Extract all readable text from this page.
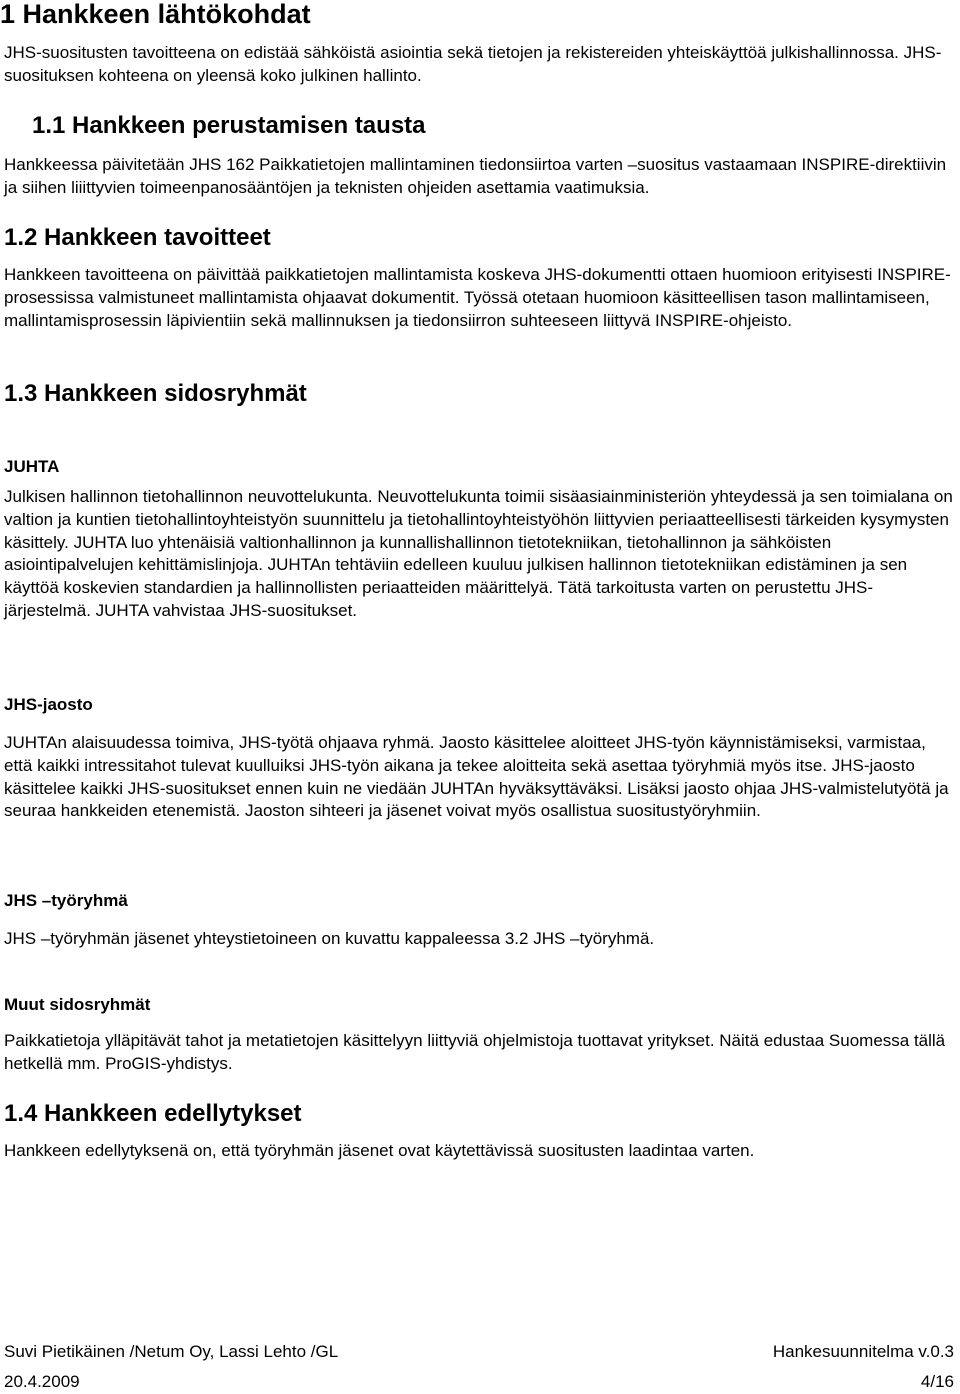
1 Hankkeen lähtökohdat

JHS-suositusten tavoitteena on edistää sähköistä asiointia sekä tietojen ja rekistereiden yhteiskäyttöä julkishallinnossa. JHS-suosituksen kohteena on yleensä koko julkinen hallinto.

1.1 Hankkeen perustamisen tausta

Hankkeessa päivitetään JHS 162 Paikkatietojen mallintaminen tiedonsiirtoa varten –suositus vastaamaan INSPIRE-direktiivin ja siihen liiittyvien toimeenpanosääntöjen ja teknisten ohjeiden asettamia vaatimuksia.

1.2 Hankkeen tavoitteet

Hankkeen tavoitteena on päivittää paikkatietojen mallintamista koskeva JHS-dokumentti ottaen huomioon erityisesti INSPIRE-prosessissa valmistuneet mallintamista ohjaavat dokumentit. Työssä otetaan huomioon käsitteellisen tason mallintamiseen, mallintamisprosessin läpivientiin sekä mallinnuksen ja tiedonsiirron suhteeseen liittyvä INSPIRE-ohjeisto.

1.3 Hankkeen sidosryhmät
JUHTA

Julkisen hallinnon tietohallinnon neuvottelukunta. Neuvottelukunta toimii sisäasiainministeriön yhteydessä ja sen toimialana on valtion ja kuntien tietohallintoyhteistyön suunnittelu ja tietohallintoyhteistyöhön liittyvien periaatteellisesti tärkeiden kysymysten käsittely. JUHTA luo yhtenäisiä valtionhallinnon ja kunnallishallinnon tietotekniikan, tietohallinnon ja sähköisten asiointipalvelujen kehittämislinjoja. JUHTAn tehtäviin edelleen kuuluu julkisen hallinnon tietotekniikan edistäminen ja sen käyttöä koskevien standardien ja hallinnollisten periaatteiden määrittelyä. Tätä tarkoitusta varten on perustettu JHS-järjestelmä. JUHTA vahvistaa JHS-suositukset.

JHS-jaosto

JUHTAn alaisuudessa toimiva, JHS-työtä ohjaava ryhmä. Jaosto käsittelee aloitteet JHS-työn käynnistämiseksi, varmistaa, että kaikki intressitahot tulevat kuulluiksi JHS-työn aikana ja tekee aloitteita sekä asettaa työryhmiä myös itse. JHS-jaosto käsittelee kaikki JHS-suositukset ennen kuin ne viedään JUHTAn hyväksyttäväksi. Lisäksi jaosto ohjaa JHS-valmistelutyötä ja seuraa hankkeiden etenemistä. Jaoston sihteeri ja jäsenet voivat myös osallistua suositustyöryhmiin.

JHS –työryhmä

JHS –työryhmän jäsenet yhteystietoineen on kuvattu kappaleessa 3.2 JHS –työryhmä.

Muut sidosryhmät

Paikkatietoja ylläpitävät tahot ja metatietojen käsittelyyn liittyviä ohjelmistoja tuottavat yritykset. Näitä edustaa Suomessa tällä hetkellä mm. ProGIS-yhdistys.

1.4 Hankkeen edellytykset

Hankkeen edellytyksenä on, että työryhmän jäsenet ovat käytettävissä suositusten laadintaa varten.

Suvi Pietikäinen /Netum Oy, Lassi Lehto /GL	Hankesuunnitelma v.0.3
20.4.2009	4/16
